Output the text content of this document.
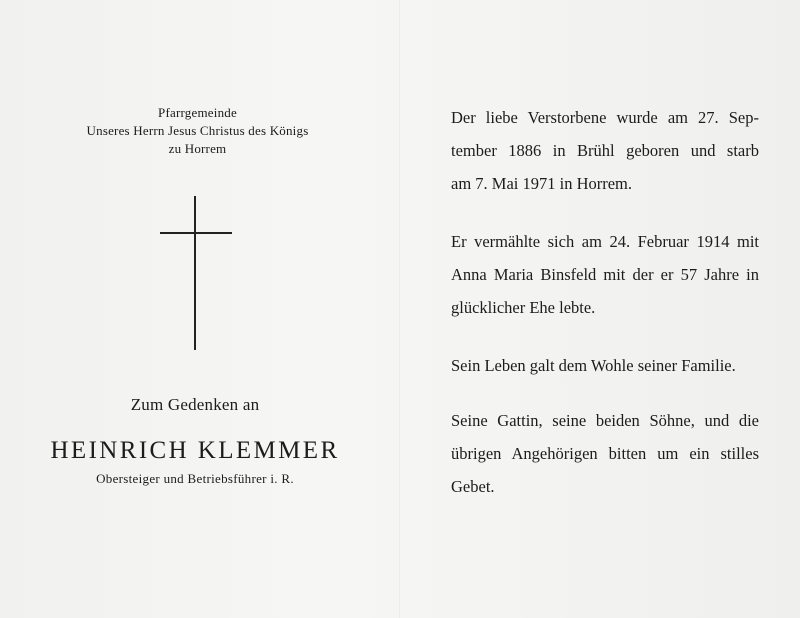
Pfarrgemeinde
Unseres Herrn Jesus Christus des Königs
zu Horrem
Zum Gedenken an
HEINRICH KLEMMER
Obersteiger und Betriebsführer i. R.
Der liebe Verstorbene wurde am 27. Sep-
tember 1886 in Brühl geboren und starb
am 7. Mai 1971 in Horrem.
Er vermählte sich am 24. Februar 1914 mit
Anna Maria Binsfeld mit der er 57 Jahre in
glücklicher Ehe lebte.
Sein Leben galt dem Wohle seiner Familie.
Seine Gattin, seine beiden Söhne, und die
übrigen Angehörigen bitten um ein stilles
Gebet.
